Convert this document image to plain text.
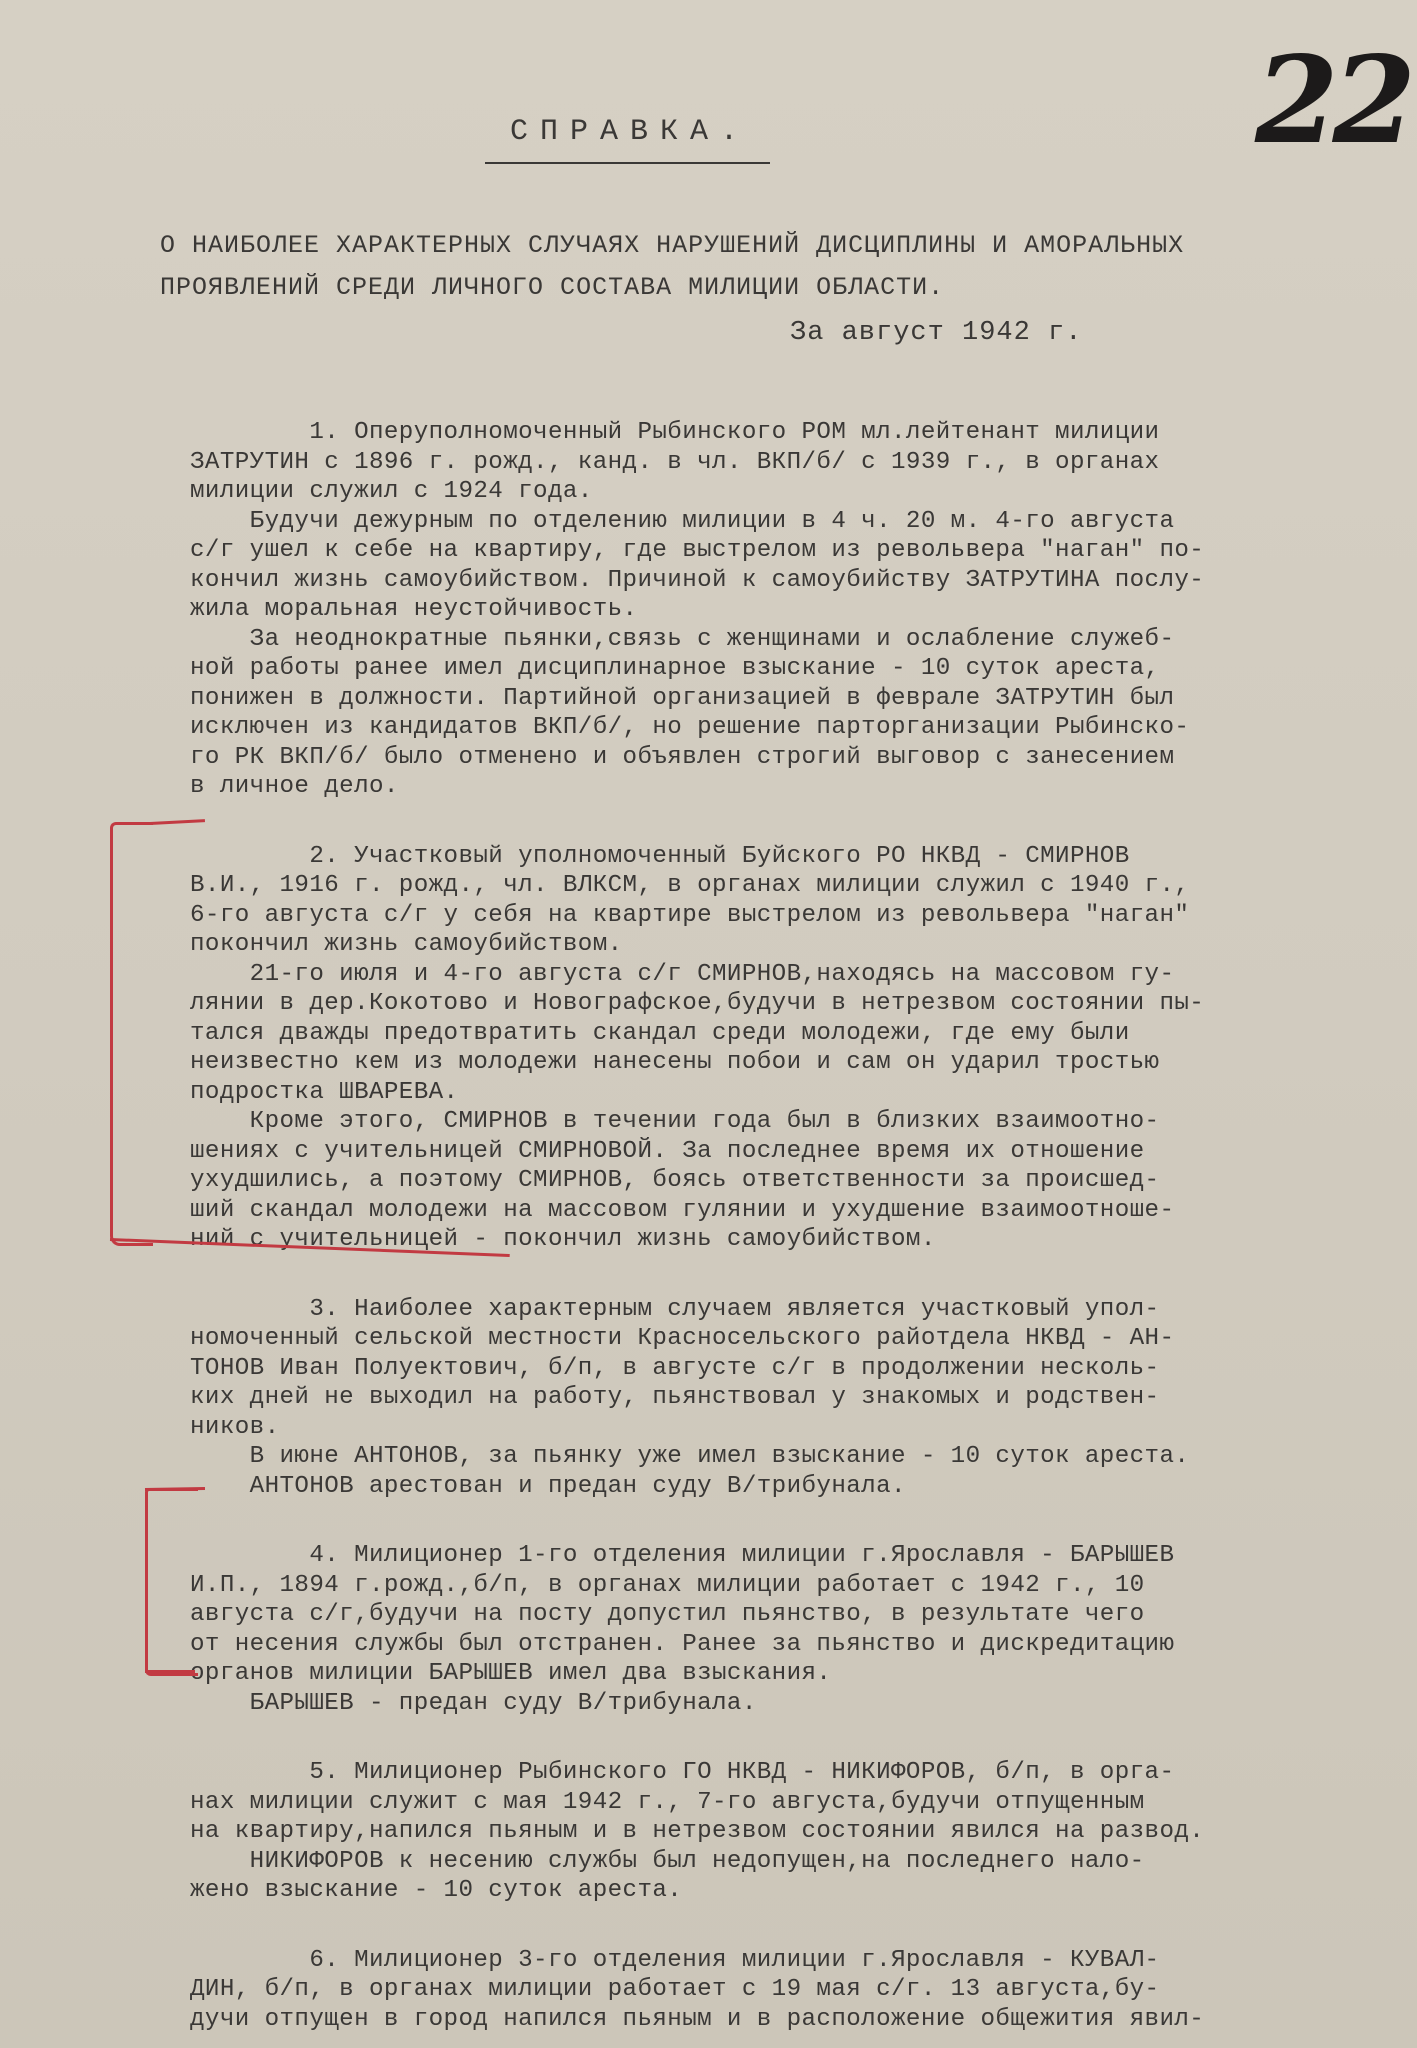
22
СПРАВКА.
О НАИБОЛЕЕ ХАРАКТЕРНЫХ СЛУЧАЯХ НАРУШЕНИЙ ДИСЦИПЛИНЫ И АМОРАЛЬНЫХ
ПРОЯВЛЕНИЙ СРЕДИ ЛИЧНОГО СОСТАВА МИЛИЦИИ ОБЛАСТИ.
За август 1942 г.
1. Оперуполномоченный Рыбинского РОМ мл.лейтенант милиции
ЗАТРУТИН с 1896 г. рожд., канд. в чл. ВКП/б/ с 1939 г., в органах
милиции служил с 1924 года.
Будучи дежурным по отделению милиции в 4 ч. 20 м. 4-го августа
с/г ушел к себе на квартиру, где выстрелом из револьвера "наган" по-
кончил жизнь самоубийством. Причиной к самоубийству ЗАТРУТИНА послу-
жила моральная неустойчивость.
За неоднократные пьянки,связь с женщинами и ослабление служеб-
ной работы ранее имел дисциплинарное взыскание - 10 суток ареста,
понижен в должности. Партийной организацией в феврале ЗАТРУТИН был
исключен из кандидатов ВКП/б/, но решение парторганизации Рыбинско-
го РК ВКП/б/ было отменено и объявлен строгий выговор с занесением
в личное дело.
2. Участковый уполномоченный Буйского РО НКВД - СМИРНОВ
В.И., 1916 г. рожд., чл. ВЛКСМ, в органах милиции служил с 1940 г.,
6-го августа с/г у себя на квартире выстрелом из револьвера "наган"
покончил жизнь самоубийством.
21-го июля и 4-го августа с/г СМИРНОВ,находясь на массовом гу-
лянии в дер.Кокотово и Новографское,будучи в нетрезвом состоянии пы-
тался дважды предотвратить скандал среди молодежи, где ему были
неизвестно кем из молодежи нанесены побои и сам он ударил тростью
подростка ШВАРЕВА.
Кроме этого, СМИРНОВ в течении года был в близких взаимоотно-
шениях с учительницей СМИРНОВОЙ. За последнее время их отношение
ухудшились, а поэтому СМИРНОВ, боясь ответственности за происшед-
ший скандал молодежи на массовом гулянии и ухудшение взаимоотноше-
ний с учительницей - покончил жизнь самоубийством.
3. Наиболее характерным случаем является участковый упол-
номоченный сельской местности Красносельского райотдела НКВД - АН-
ТОНОВ Иван Полуектович, б/п, в августе с/г в продолжении несколь-
ких дней не выходил на работу, пьянствовал у знакомых и родствен-
ников.
В июне АНТОНОВ, за пьянку уже имел взыскание - 10 суток ареста.
АНТОНОВ арестован и предан суду В/трибунала.
4. Милиционер 1-го отделения милиции г.Ярославля - БАРЫШЕВ
И.П., 1894 г.рожд.,б/п, в органах милиции работает с 1942 г., 10
августа с/г,будучи на посту допустил пьянство, в результате чего
от несения службы был отстранен. Ранее за пьянство и дискредитацию
органов милиции БАРЫШЕВ имел два взыскания.
БАРЫШЕВ - предан суду В/трибунала.
5. Милиционер Рыбинского ГО НКВД - НИКИФОРОВ, б/п, в орга-
нах милиции служит с мая 1942 г., 7-го августа,будучи отпущенным
на квартиру,напился пьяным и в нетрезвом состоянии явился на развод.
НИКИФОРОВ к несению службы был недопущен,на последнего нало-
жено взыскание - 10 суток ареста.
6. Милиционер 3-го отделения милиции г.Ярославля - КУВАЛ-
ДИН, б/п, в органах милиции работает с 19 мая с/г. 13 августа,бу-
дучи отпущен в город напился пьяным и в расположение общежития явил-
